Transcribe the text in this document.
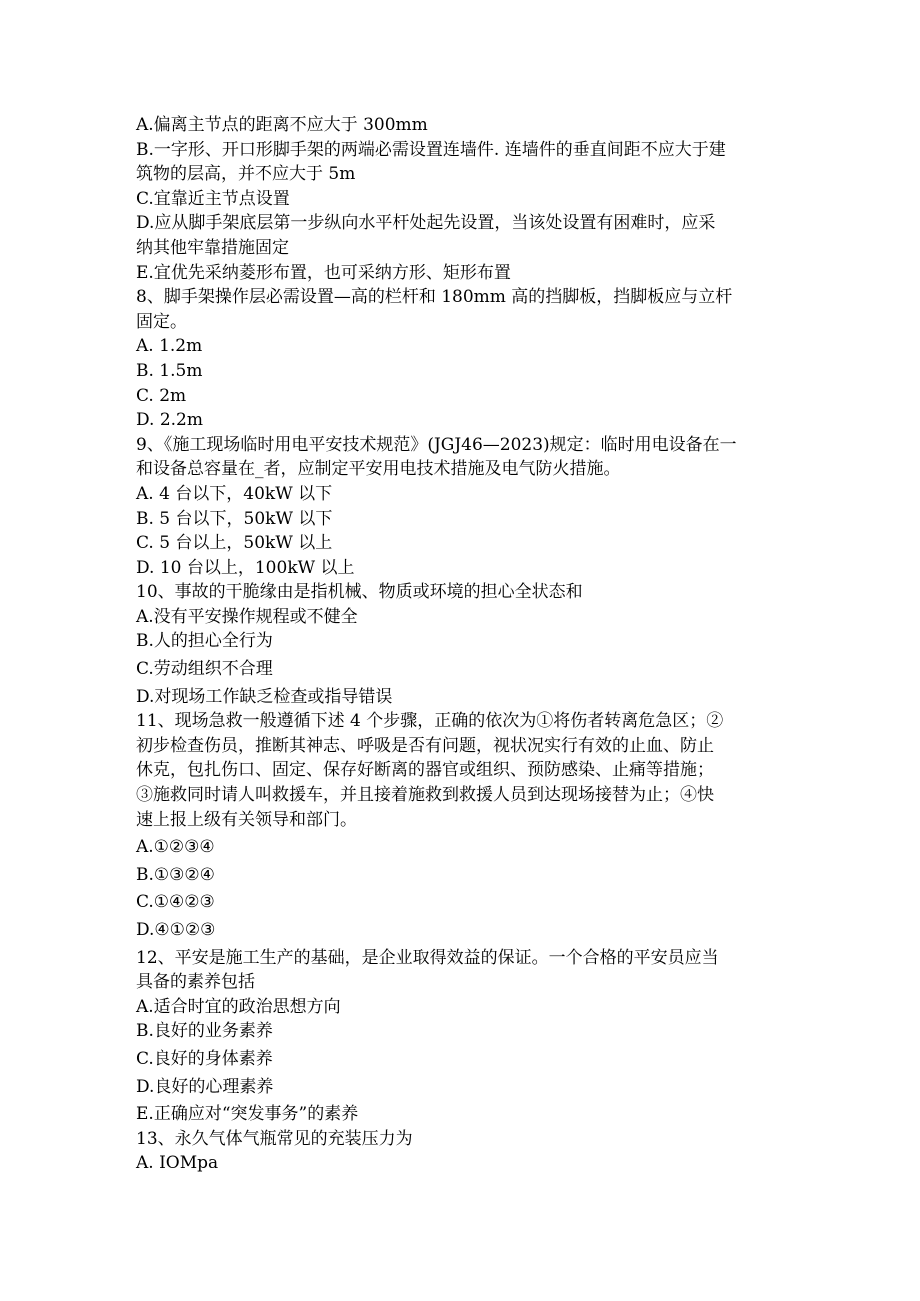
A.偏离主节点的距离不应大于 300mm
B.一字形、开口形脚手架的两端必需设置连墙件. 连墙件的垂直间距不应大于建
筑物的层高，并不应大于 5m
C.宜靠近主节点设置
D.应从脚手架底层第一步纵向水平杆处起先设置，当该处设置有困难时，应采
纳其他牢靠措施固定
E.宜优先采纳菱形布置，也可采纳方形、矩形布置
8、脚手架操作层必需设置—高的栏杆和 180mm 高的挡脚板，挡脚板应与立杆
固定。
A. 1.2m
B. 1.5m
C. 2m
D. 2.2m
9、《施工现场临时用电平安技术规范》(JGJ46—2023)规定：临时用电设备在一
和设备总容量在_者，应制定平安用电技术措施及电气防火措施。
A. 4 台以下，40kW 以下
B. 5 台以下，50kW 以下
C. 5 台以上，50kW 以上
D. 10 台以上，100kW 以上
10、事故的干脆缘由是指机械、物质或环境的担心全状态和
A.没有平安操作规程或不健全
B.人的担心全行为
C.劳动组织不合理
D.对现场工作缺乏检查或指导错误
11、现场急救一般遵循下述 4 个步骤，正确的依次为①将伤者转离危急区；②
初步检查伤员，推断其神志、呼吸是否有问题，视状况实行有效的止血、防止
休克，包扎伤口、固定、保存好断离的器官或组织、预防感染、止痛等措施；
③施救同时请人叫救援车，并且接着施救到救援人员到达现场接替为止；④快
速上报上级有关领导和部门。
A.①②③④
B.①③②④
C.①④②③
D.④①②③
12、平安是施工生产的基础，是企业取得效益的保证。一个合格的平安员应当
具备的素养包括
A.适合时宜的政治思想方向
B.良好的业务素养
C.良好的身体素养
D.良好的心理素养
E.正确应对“突发事务”的素养
13、永久气体气瓶常见的充装压力为
A. IOMpa
